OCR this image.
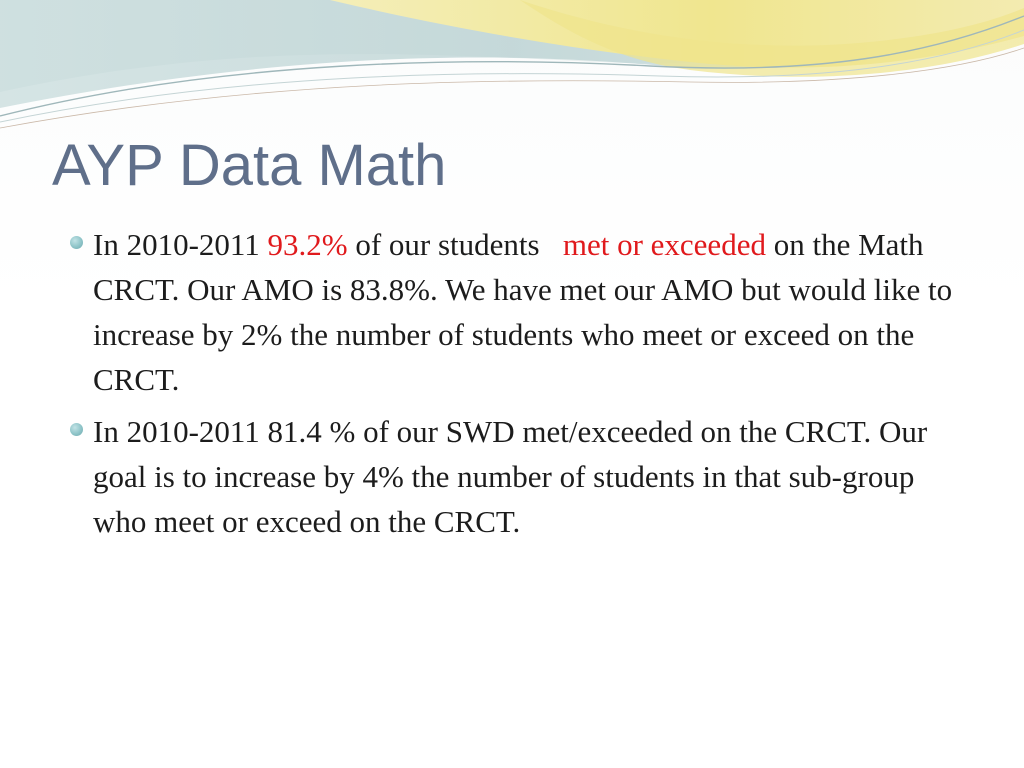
AYP Data Math
In 2010-2011 93.2% of our students   met or exceeded on the Math CRCT. Our AMO is 83.8%. We have met our AMO but would like to increase by 2% the number of students who meet or exceed on the CRCT.
In 2010-2011 81.4 % of our SWD met/exceeded on the CRCT. Our goal is to increase by 4% the number of students in that sub-group who meet or exceed on the CRCT.
